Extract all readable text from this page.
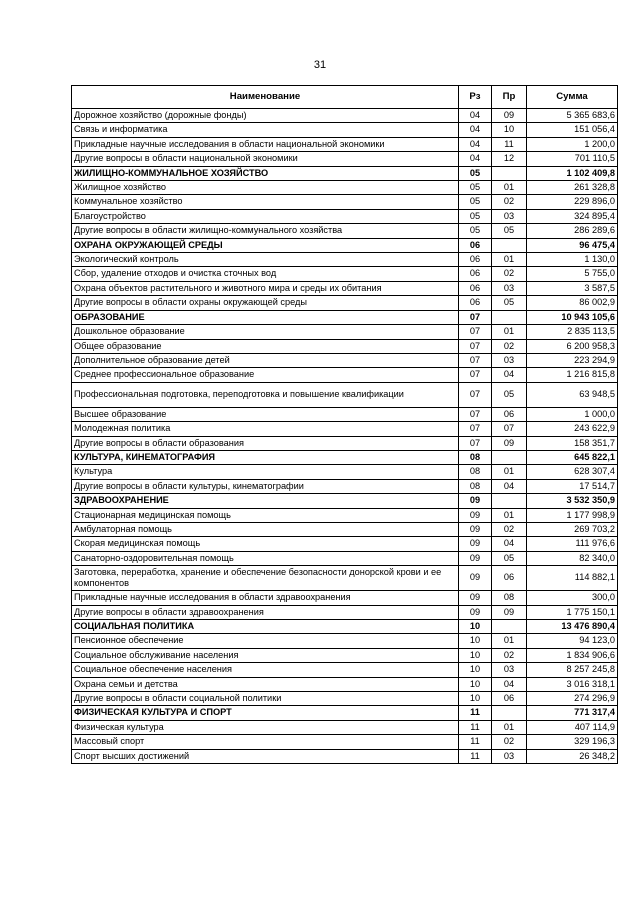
31
Наименование	Рз	Пр	Сумма
Дорожное хозяйство (дорожные фонды)	04	09	5 365 683,6
Связь и информатика	04	10	151 056,4
Прикладные научные исследования в области национальной экономики	04	11	1 200,0
Другие вопросы в области национальной экономики	04	12	701 110,5
ЖИЛИЩНО-КОММУНАЛЬНОЕ ХОЗЯЙСТВО	05		1 102 409,8
Жилищное хозяйство	05	01	261 328,8
Коммунальное хозяйство	05	02	229 896,0
Благоустройство	05	03	324 895,4
Другие вопросы в области жилищно-коммунального хозяйства	05	05	286 289,6
ОХРАНА ОКРУЖАЮЩЕЙ СРЕДЫ	06		96 475,4
Экологический контроль	06	01	1 130,0
Сбор, удаление отходов и очистка сточных вод	06	02	5 755,0
Охрана объектов растительного и животного мира и среды их обитания	06	03	3 587,5
Другие вопросы в области охраны окружающей среды	06	05	86 002,9
ОБРАЗОВАНИЕ	07		10 943 105,6
Дошкольное образование	07	01	2 835 113,5
Общее образование	07	02	6 200 958,3
Дополнительное образование детей	07	03	223 294,9
Среднее профессиональное образование	07	04	1 216 815,8
Профессиональная подготовка, переподготовка и повышение квалификации	07	05	63 948,5
Высшее образование	07	06	1 000,0
Молодежная политика	07	07	243 622,9
Другие вопросы в области образования	07	09	158 351,7
КУЛЬТУРА, КИНЕМАТОГРАФИЯ	08		645 822,1
Культура	08	01	628 307,4
Другие вопросы в области культуры, кинематографии	08	04	17 514,7
ЗДРАВООХРАНЕНИЕ	09		3 532 350,9
Стационарная медицинская помощь	09	01	1 177 998,9
Амбулаторная помощь	09	02	269 703,2
Скорая медицинская помощь	09	04	111 976,6
Санаторно-оздоровительная помощь	09	05	82 340,0
Заготовка, переработка, хранение и обеспечение безопасности донорской крови и ее компонентов	09	06	114 882,1
Прикладные научные исследования в области здравоохранения	09	08	300,0
Другие вопросы в области здравоохранения	09	09	1 775 150,1
СОЦИАЛЬНАЯ ПОЛИТИКА	10		13 476 890,4
Пенсионное обеспечение	10	01	94 123,0
Социальное обслуживание населения	10	02	1 834 906,6
Социальное обеспечение населения	10	03	8 257 245,8
Охрана семьи и детства	10	04	3 016 318,1
Другие вопросы в области социальной политики	10	06	274 296,9
ФИЗИЧЕСКАЯ КУЛЬТУРА И СПОРТ	11		771 317,4
Физическая культура	11	01	407 114,9
Массовый спорт	11	02	329 196,3
Спорт высших достижений	11	03	26 348,2
